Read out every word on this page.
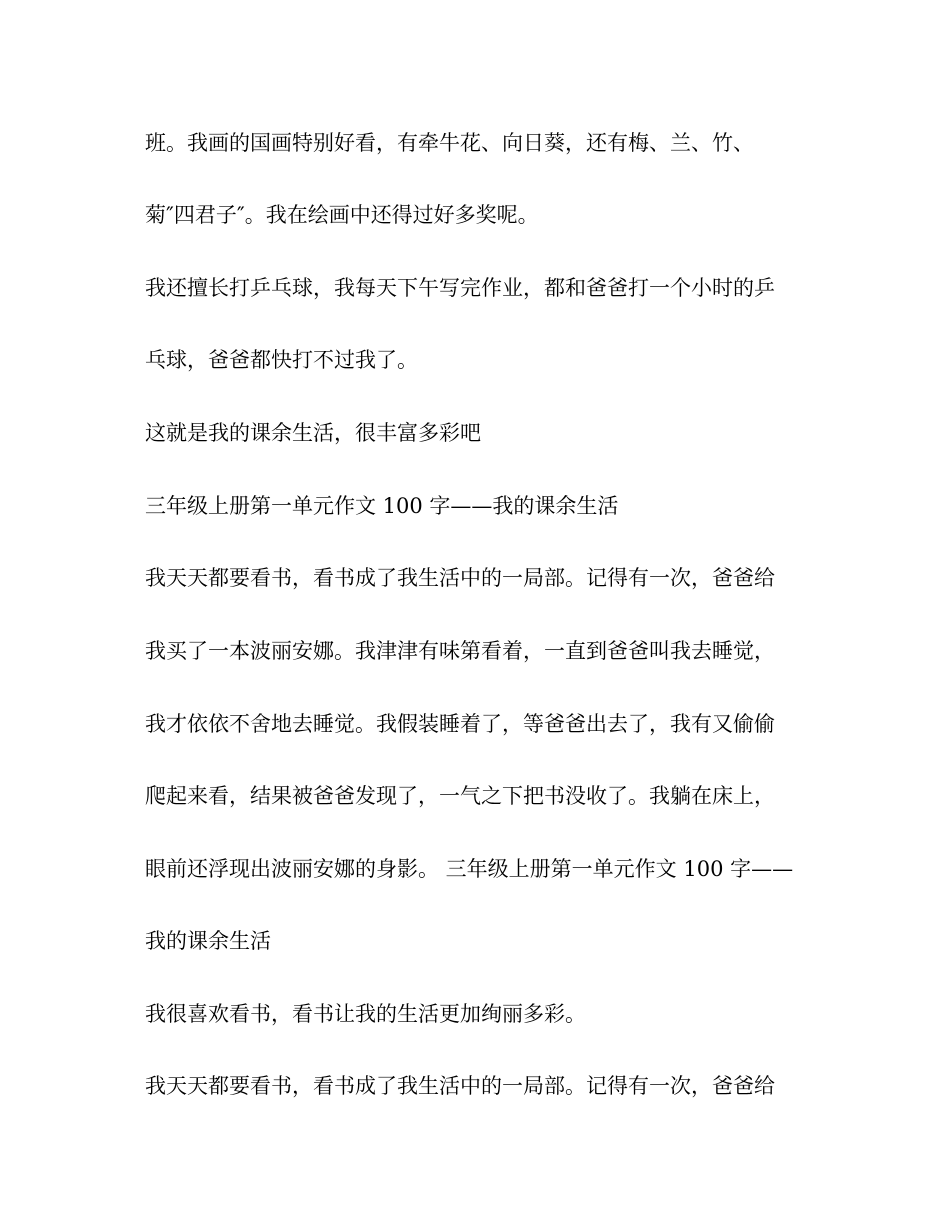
班。我画的国画特别好看，有牵牛花、向日葵，还有梅、兰、竹、
菊″四君子″。我在绘画中还得过好多奖呢。
我还擅长打乒乓球，我每天下午写完作业，都和爸爸打一个小时的乒
乓球，爸爸都快打不过我了。
这就是我的课余生活，很丰富多彩吧
三年级上册第一单元作文 100 字——我的课余生活
我天天都要看书，看书成了我生活中的一局部。记得有一次，爸爸给
我买了一本波丽安娜。我津津有味第看着，一直到爸爸叫我去睡觉，
我才依依不舍地去睡觉。我假装睡着了，等爸爸出去了，我有又偷偷
爬起来看，结果被爸爸发现了，一气之下把书没收了。我躺在床上，
眼前还浮现出波丽安娜的身影。 三年级上册第一单元作文 100 字——
我的课余生活
我很喜欢看书，看书让我的生活更加绚丽多彩。
我天天都要看书，看书成了我生活中的一局部。记得有一次，爸爸给
